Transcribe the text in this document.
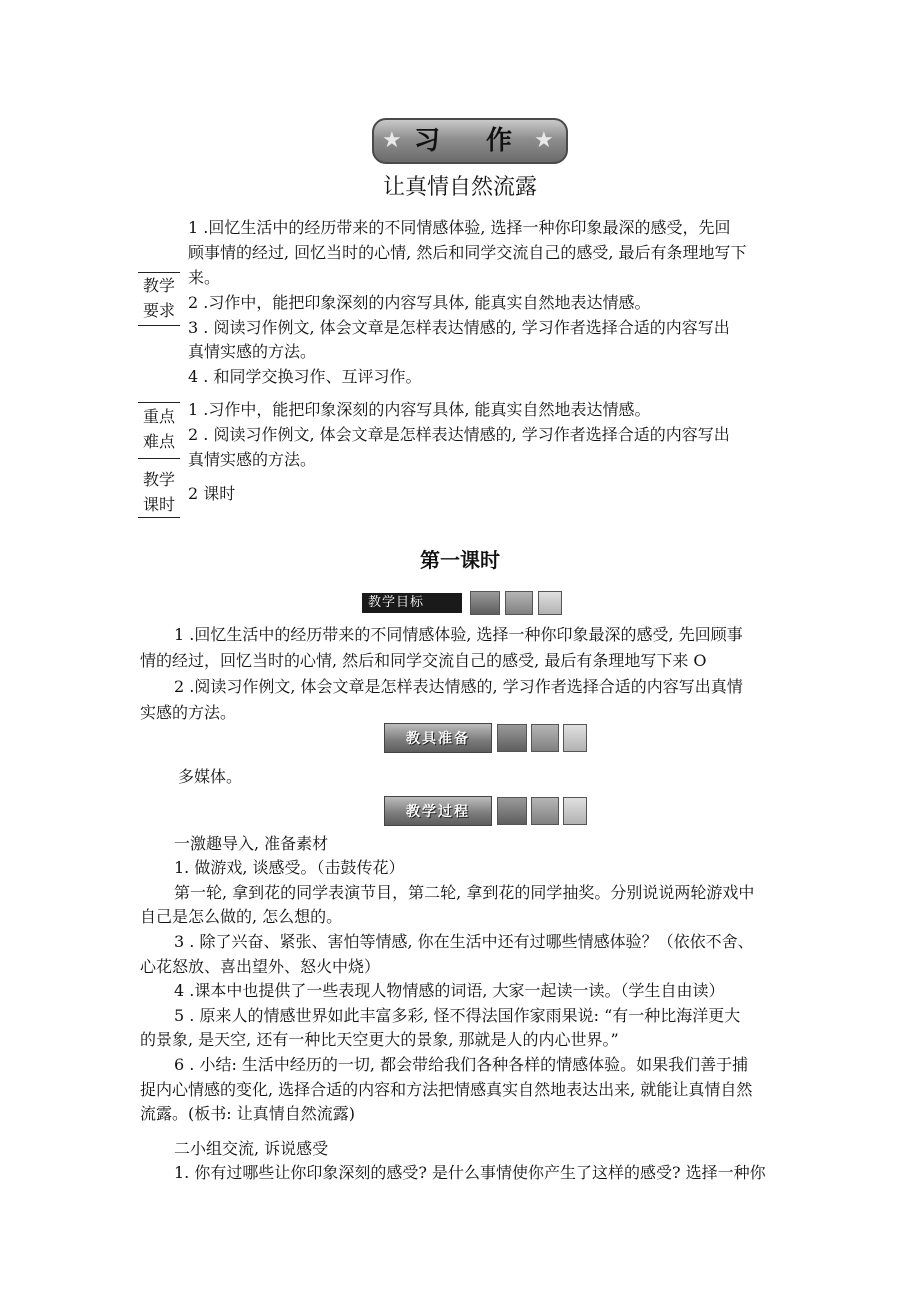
★ 习 作 ★
让真情自然流露
教学
要求
1 .回忆生活中的经历带来的不同情感体验, 选择一种你印象最深的感受，先回
顾事情的经过, 回忆当时的心情, 然后和同学交流自己的感受, 最后有条理地写下
来。
2 .习作中，能把印象深刻的内容写具体, 能真实自然地表达情感。
3 . 阅读习作例文, 体会文章是怎样表达情感的, 学习作者选择合适的内容写出
真情实感的方法。
4 . 和同学交换习作、互评习作。
重点
难点
1 .习作中，能把印象深刻的内容写具体, 能真实自然地表达情感。
2 . 阅读习作例文, 体会文章是怎样表达情感的, 学习作者选择合适的内容写出
真情实感的方法。
教学
课时
2 课时
第一课时
教学目标
1 .回忆生活中的经历带来的不同情感体验, 选择一种你印象最深的感受, 先回顾事
情的经过，回忆当时的心情, 然后和同学交流自己的感受, 最后有条理地写下来 O
2 .阅读习作例文, 体会文章是怎样表达情感的, 学习作者选择合适的内容写出真情
实感的方法。
教具准备
多媒体。
教学过程
一激趣导入, 准备素材
1. 做游戏, 谈感受。（击鼓传花）
第一轮, 拿到花的同学表演节目，第二轮, 拿到花的同学抽奖。分别说说两轮游戏中
自己是怎么做的, 怎么想的。
3 . 除了兴奋、紧张、害怕等情感, 你在生活中还有过哪些情感体验？（依依不舍、
心花怒放、喜出望外、怒火中烧）
4 .课本中也提供了一些表现人物情感的词语, 大家一起读一读。（学生自由读）
5 . 原来人的情感世界如此丰富多彩, 怪不得法国作家雨果说: “有一种比海洋更大
的景象, 是天空, 还有一种比天空更大的景象, 那就是人的内心世界。”
6 . 小结: 生活中经历的一切, 都会带给我们各种各样的情感体验。如果我们善于捕
捉内心情感的变化, 选择合适的内容和方法把情感真实自然地表达出来, 就能让真情自然
流露。(板书: 让真情自然流露)
二小组交流, 诉说感受
1. 你有过哪些让你印象深刻的感受? 是什么事情使你产生了这样的感受? 选择一种你
